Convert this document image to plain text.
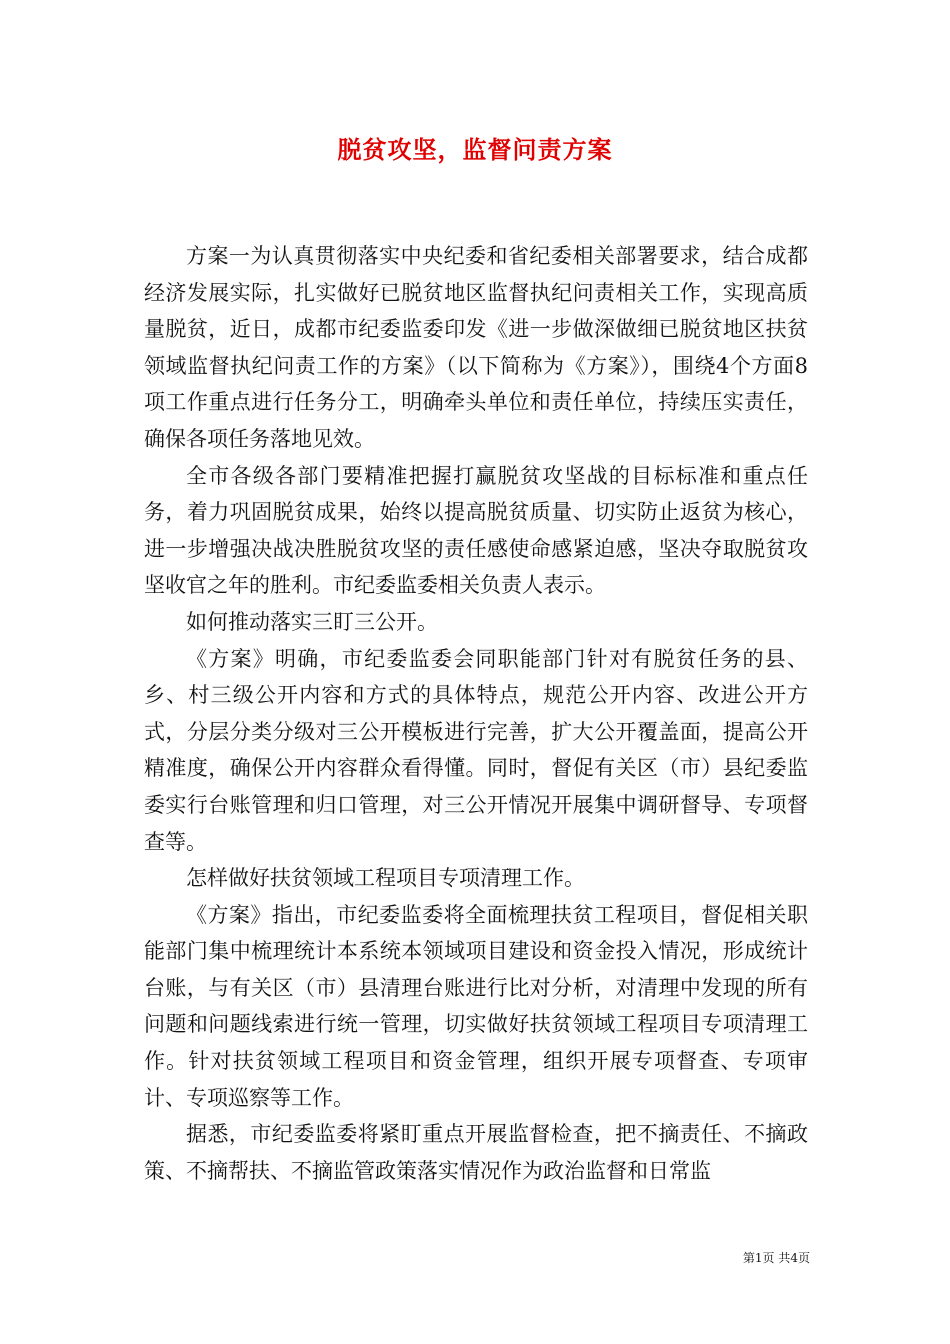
脱贫攻坚，监督问责方案

方案一为认真贯彻落实中央纪委和省纪委相关部署要求，结合成都经济发展实际，扎实做好已脱贫地区监督执纪问责相关工作，实现高质量脱贫，近日，成都市纪委监委印发《进一步做深做细已脱贫地区扶贫领域监督执纪问责工作的方案》（以下简称为《方案》），围绕4个方面8项工作重点进行任务分工，明确牵头单位和责任单位，持续压实责任，确保各项任务落地见效。

全市各级各部门要精准把握打赢脱贫攻坚战的目标标准和重点任务，着力巩固脱贫成果，始终以提高脱贫质量、切实防止返贫为核心，进一步增强决战决胜脱贫攻坚的责任感使命感紧迫感，坚决夺取脱贫攻坚收官之年的胜利。市纪委监委相关负责人表示。

如何推动落实三盯三公开。

《方案》明确，市纪委监委会同职能部门针对有脱贫任务的县、乡、村三级公开内容和方式的具体特点，规范公开内容、改进公开方式，分层分类分级对三公开模板进行完善，扩大公开覆盖面，提高公开精准度，确保公开内容群众看得懂。同时，督促有关区（市）县纪委监委实行台账管理和归口管理，对三公开情况开展集中调研督导、专项督查等。

怎样做好扶贫领域工程项目专项清理工作。

《方案》指出，市纪委监委将全面梳理扶贫工程项目，督促相关职能部门集中梳理统计本系统本领域项目建设和资金投入情况，形成统计台账，与有关区（市）县清理台账进行比对分析，对清理中发现的所有问题和问题线索进行统一管理，切实做好扶贫领域工程项目专项清理工作。针对扶贫领域工程项目和资金管理，组织开展专项督查、专项审计、专项巡察等工作。

据悉，市纪委监委将紧盯重点开展监督检查，把不摘责任、不摘政策、不摘帮扶、不摘监管政策落实情况作为政治监督和日常监

第1页 共4页
